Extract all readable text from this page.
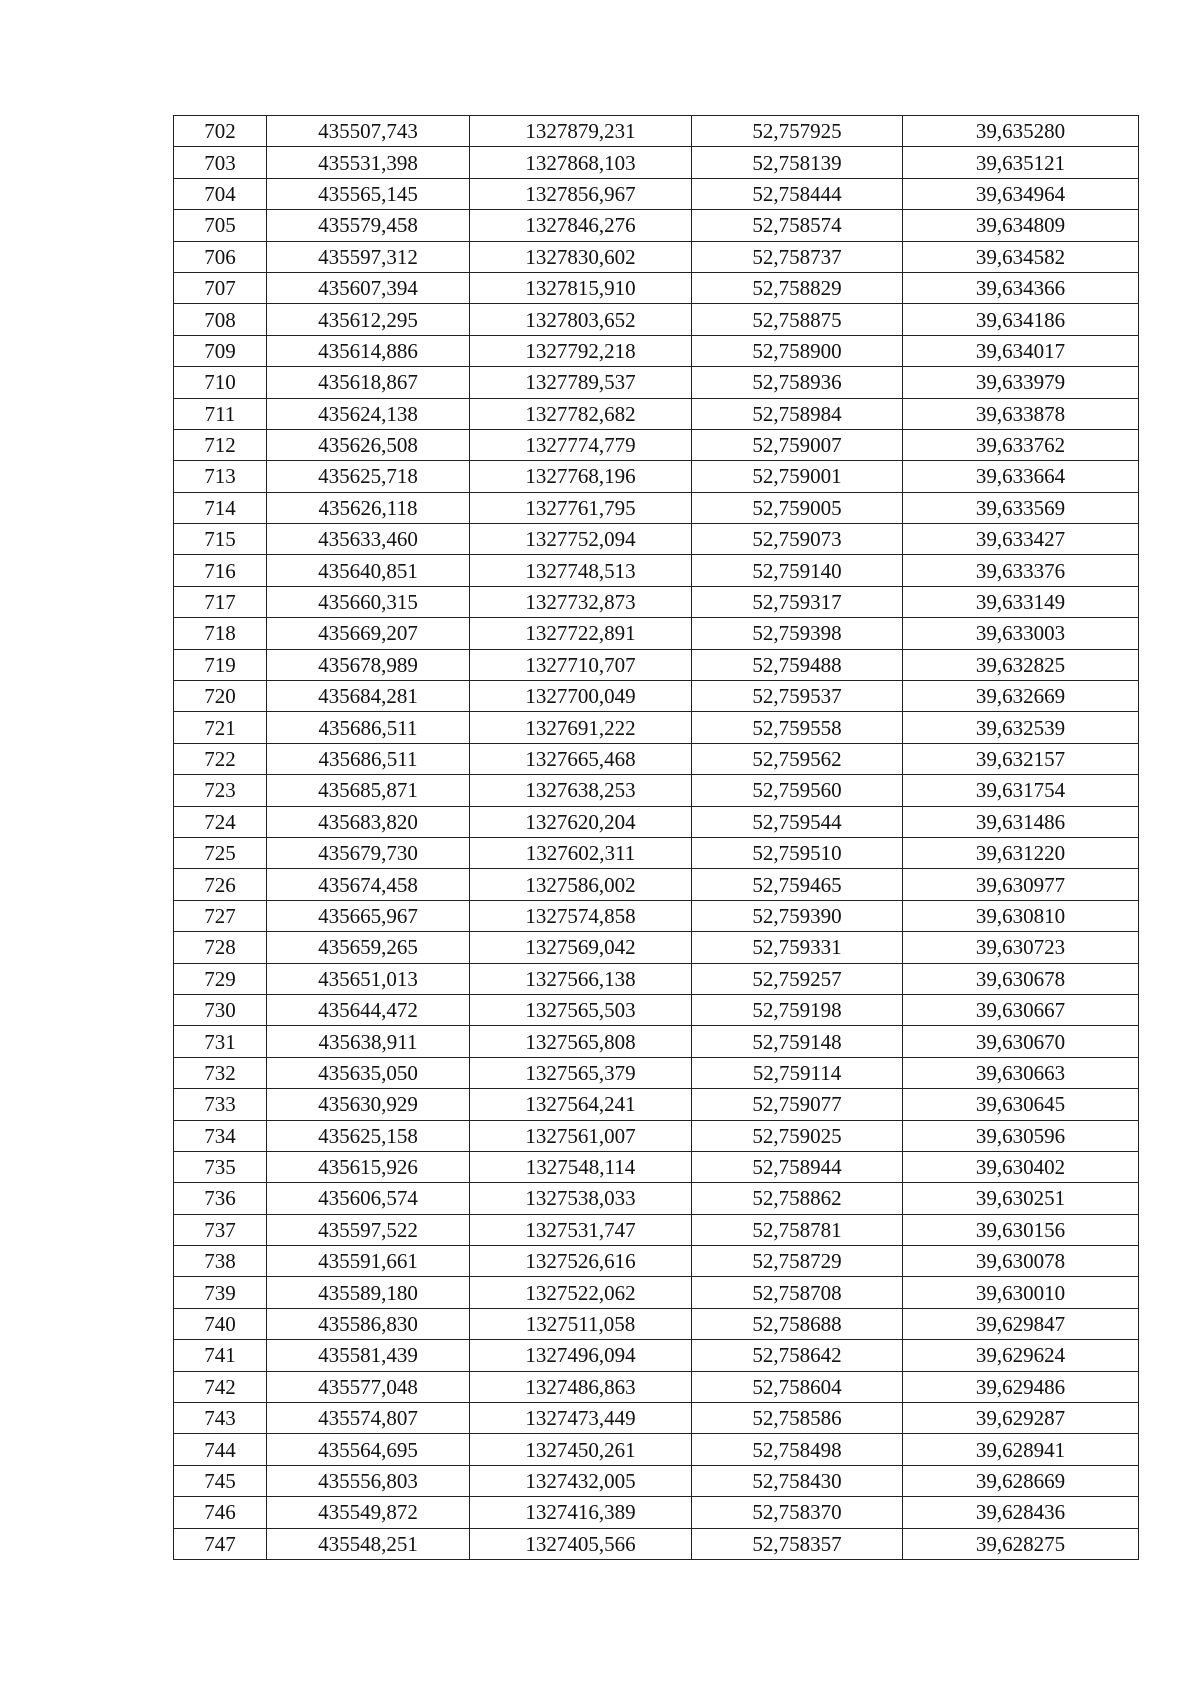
702	435507,743	1327879,231	52,757925	39,635280
703	435531,398	1327868,103	52,758139	39,635121
704	435565,145	1327856,967	52,758444	39,634964
705	435579,458	1327846,276	52,758574	39,634809
706	435597,312	1327830,602	52,758737	39,634582
707	435607,394	1327815,910	52,758829	39,634366
708	435612,295	1327803,652	52,758875	39,634186
709	435614,886	1327792,218	52,758900	39,634017
710	435618,867	1327789,537	52,758936	39,633979
711	435624,138	1327782,682	52,758984	39,633878
712	435626,508	1327774,779	52,759007	39,633762
713	435625,718	1327768,196	52,759001	39,633664
714	435626,118	1327761,795	52,759005	39,633569
715	435633,460	1327752,094	52,759073	39,633427
716	435640,851	1327748,513	52,759140	39,633376
717	435660,315	1327732,873	52,759317	39,633149
718	435669,207	1327722,891	52,759398	39,633003
719	435678,989	1327710,707	52,759488	39,632825
720	435684,281	1327700,049	52,759537	39,632669
721	435686,511	1327691,222	52,759558	39,632539
722	435686,511	1327665,468	52,759562	39,632157
723	435685,871	1327638,253	52,759560	39,631754
724	435683,820	1327620,204	52,759544	39,631486
725	435679,730	1327602,311	52,759510	39,631220
726	435674,458	1327586,002	52,759465	39,630977
727	435665,967	1327574,858	52,759390	39,630810
728	435659,265	1327569,042	52,759331	39,630723
729	435651,013	1327566,138	52,759257	39,630678
730	435644,472	1327565,503	52,759198	39,630667
731	435638,911	1327565,808	52,759148	39,630670
732	435635,050	1327565,379	52,759114	39,630663
733	435630,929	1327564,241	52,759077	39,630645
734	435625,158	1327561,007	52,759025	39,630596
735	435615,926	1327548,114	52,758944	39,630402
736	435606,574	1327538,033	52,758862	39,630251
737	435597,522	1327531,747	52,758781	39,630156
738	435591,661	1327526,616	52,758729	39,630078
739	435589,180	1327522,062	52,758708	39,630010
740	435586,830	1327511,058	52,758688	39,629847
741	435581,439	1327496,094	52,758642	39,629624
742	435577,048	1327486,863	52,758604	39,629486
743	435574,807	1327473,449	52,758586	39,629287
744	435564,695	1327450,261	52,758498	39,628941
745	435556,803	1327432,005	52,758430	39,628669
746	435549,872	1327416,389	52,758370	39,628436
747	435548,251	1327405,566	52,758357	39,628275
